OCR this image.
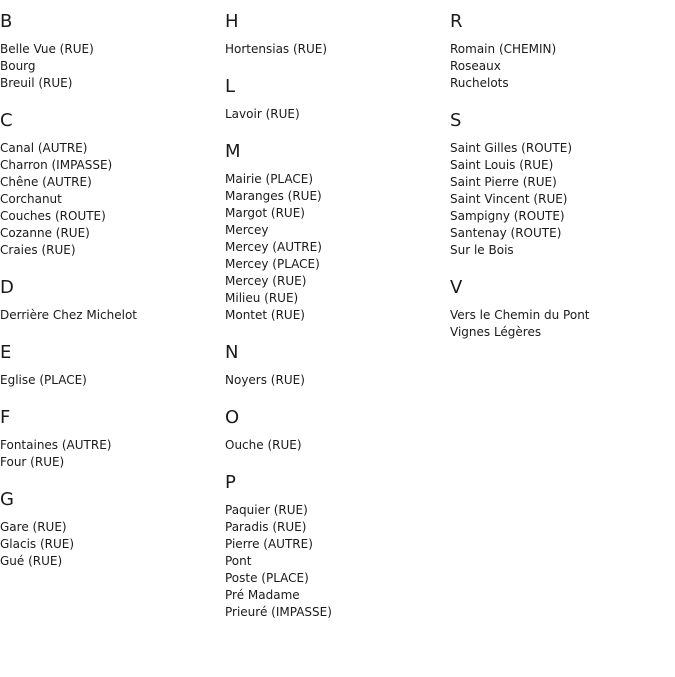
B
Belle Vue (RUE)
Bourg
Breuil (RUE)
C
Canal (AUTRE)
Charron (IMPASSE)
Chêne (AUTRE)
Corchanut
Couches (ROUTE)
Cozanne (RUE)
Craies (RUE)
D
Derrière Chez Michelot
E
Eglise (PLACE)
F
Fontaines (AUTRE)
Four (RUE)
G
Gare (RUE)
Glacis (RUE)
Gué (RUE)
H
Hortensias (RUE)
L
Lavoir (RUE)
M
Mairie (PLACE)
Maranges (RUE)
Margot (RUE)
Mercey
Mercey (AUTRE)
Mercey (PLACE)
Mercey (RUE)
Milieu (RUE)
Montet (RUE)
N
Noyers (RUE)
O
Ouche (RUE)
P
Paquier (RUE)
Paradis (RUE)
Pierre (AUTRE)
Pont
Poste (PLACE)
Pré Madame
Prieuré (IMPASSE)
R
Romain (CHEMIN)
Roseaux
Ruchelots
S
Saint Gilles (ROUTE)
Saint Louis (RUE)
Saint Pierre (RUE)
Saint Vincent (RUE)
Sampigny (ROUTE)
Santenay (ROUTE)
Sur le Bois
V
Vers le Chemin du Pont
Vignes Légères
